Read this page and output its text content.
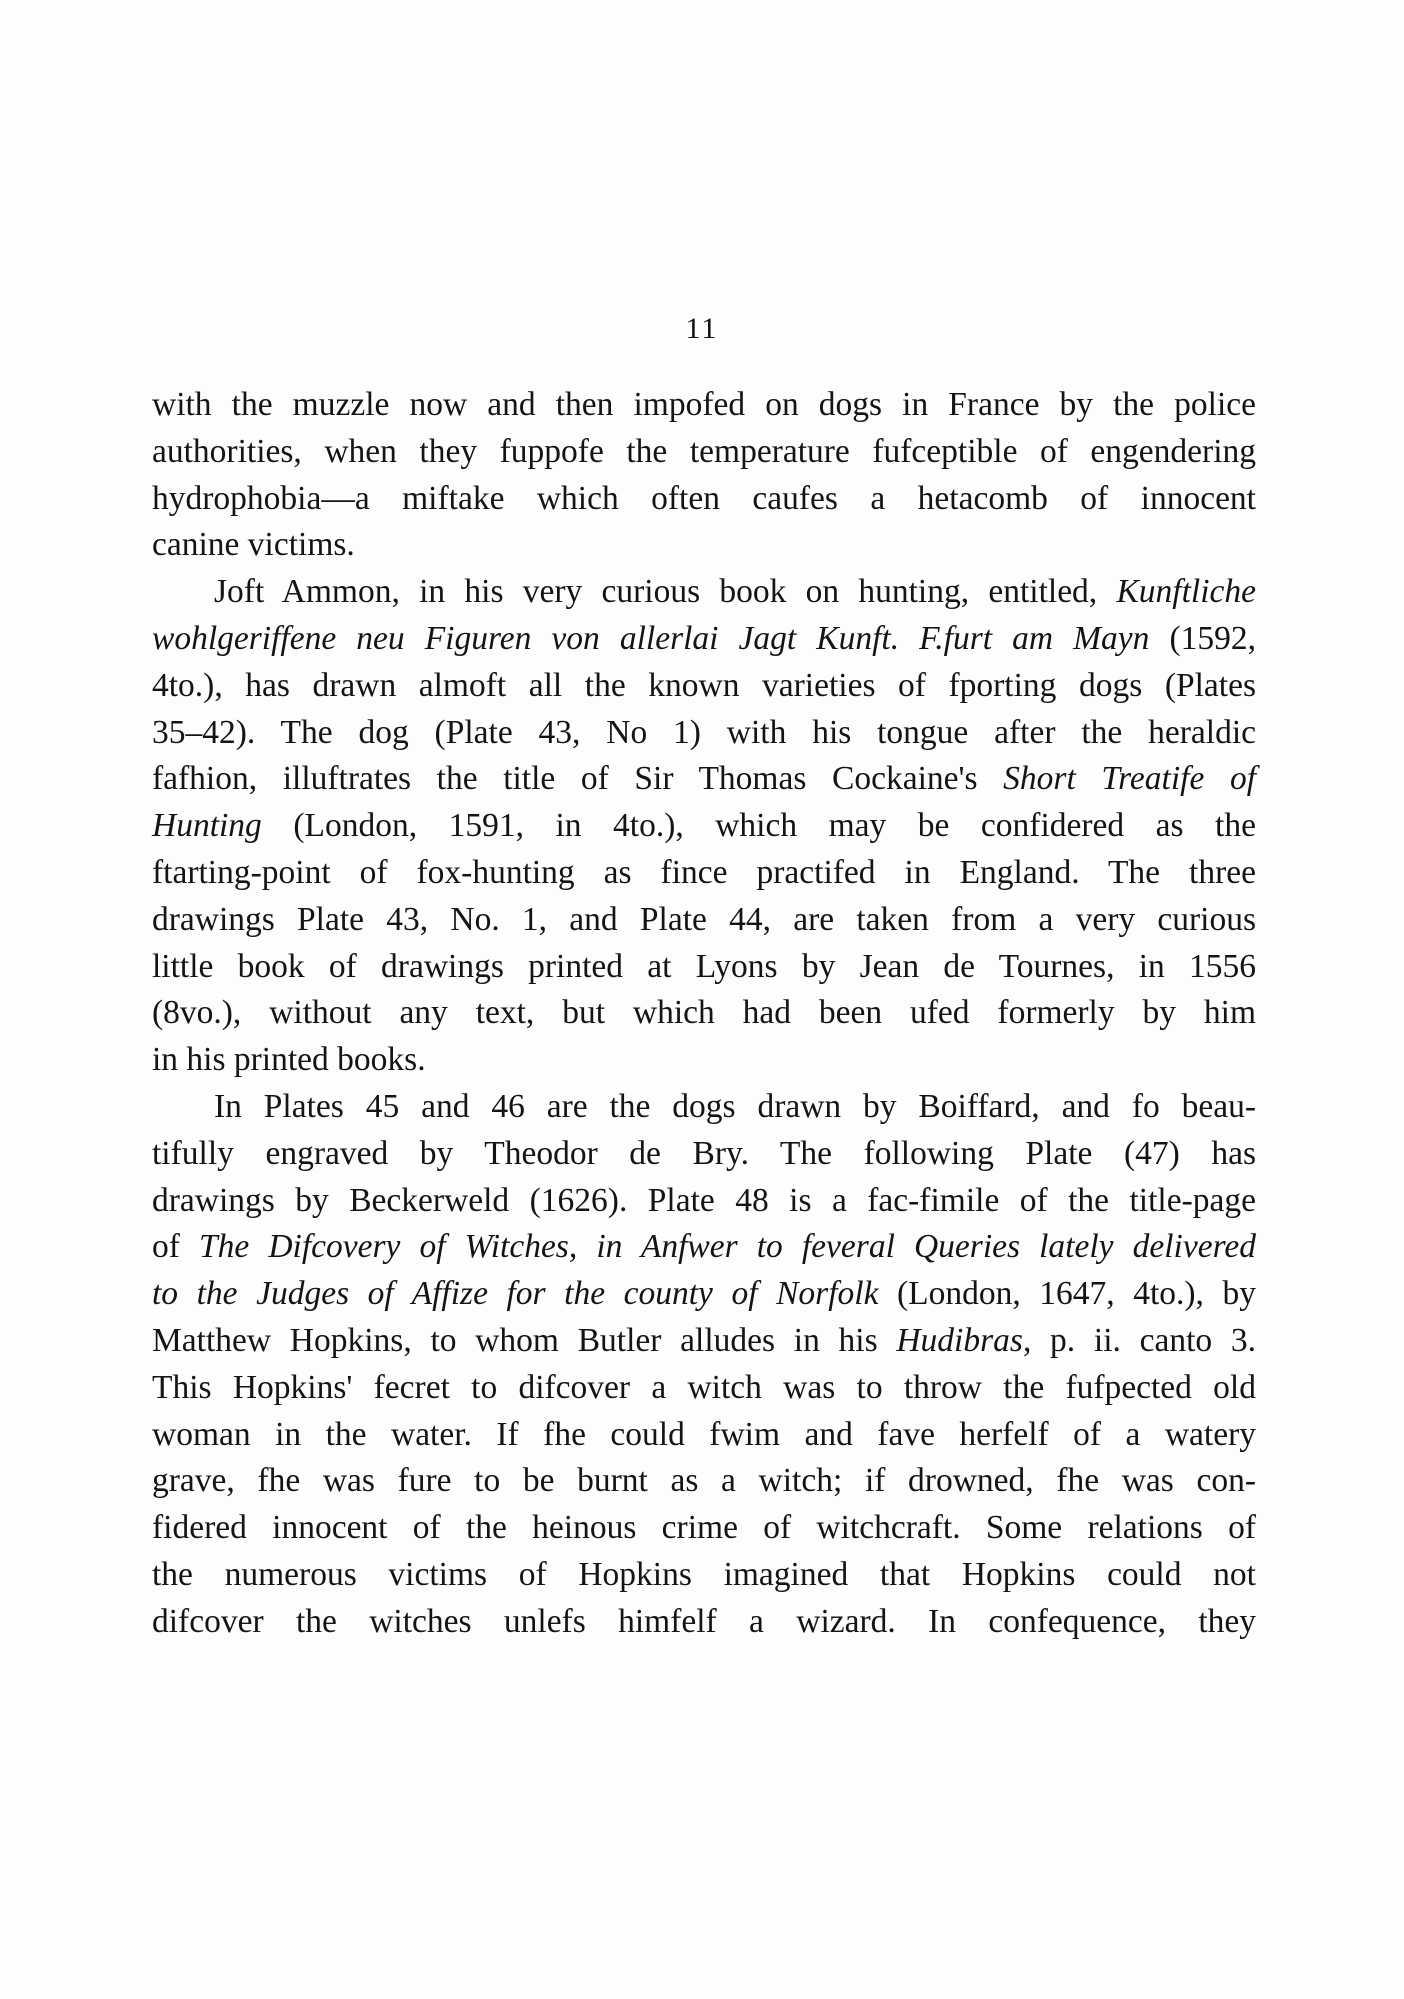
11
with the muzzle now and then impofed on dogs in France by the police
authorities, when they fuppofe the temperature fufceptible of engendering
hydrophobia—a miftake which often caufes a hetacomb of innocent
canine victims.
Joft Ammon, in his very curious book on hunting, entitled, Kunftliche
wohlgeriffene neu Figuren von allerlai Jagt Kunft. F.furt am Mayn (1592,
4to.), has drawn almoft all the known varieties of fporting dogs (Plates
35–42). The dog (Plate 43, No 1) with his tongue after the heraldic
fafhion, illuftrates the title of Sir Thomas Cockaine's Short Treatife of
Hunting (London, 1591, in 4to.), which may be confidered as the
ftarting-point of fox-hunting as fince practifed in England. The three
drawings Plate 43, No. 1, and Plate 44, are taken from a very curious
little book of drawings printed at Lyons by Jean de Tournes, in 1556
(8vo.), without any text, but which had been ufed formerly by him
in his printed books.
In Plates 45 and 46 are the dogs drawn by Boiffard, and fo beau-
tifully engraved by Theodor de Bry. The following Plate (47) has
drawings by Beckerweld (1626). Plate 48 is a fac-fimile of the title-page
of The Difcovery of Witches, in Anfwer to feveral Queries lately delivered
to the Judges of Affize for the county of Norfolk (London, 1647, 4to.), by
Matthew Hopkins, to whom Butler alludes in his Hudibras, p. ii. canto 3.
This Hopkins' fecret to difcover a witch was to throw the fufpected old
woman in the water. If fhe could fwim and fave herfelf of a watery
grave, fhe was fure to be burnt as a witch; if drowned, fhe was con-
fidered innocent of the heinous crime of witchcraft. Some relations of
the numerous victims of Hopkins imagined that Hopkins could not
difcover the witches unlefs himfelf a wizard. In confequence, they
